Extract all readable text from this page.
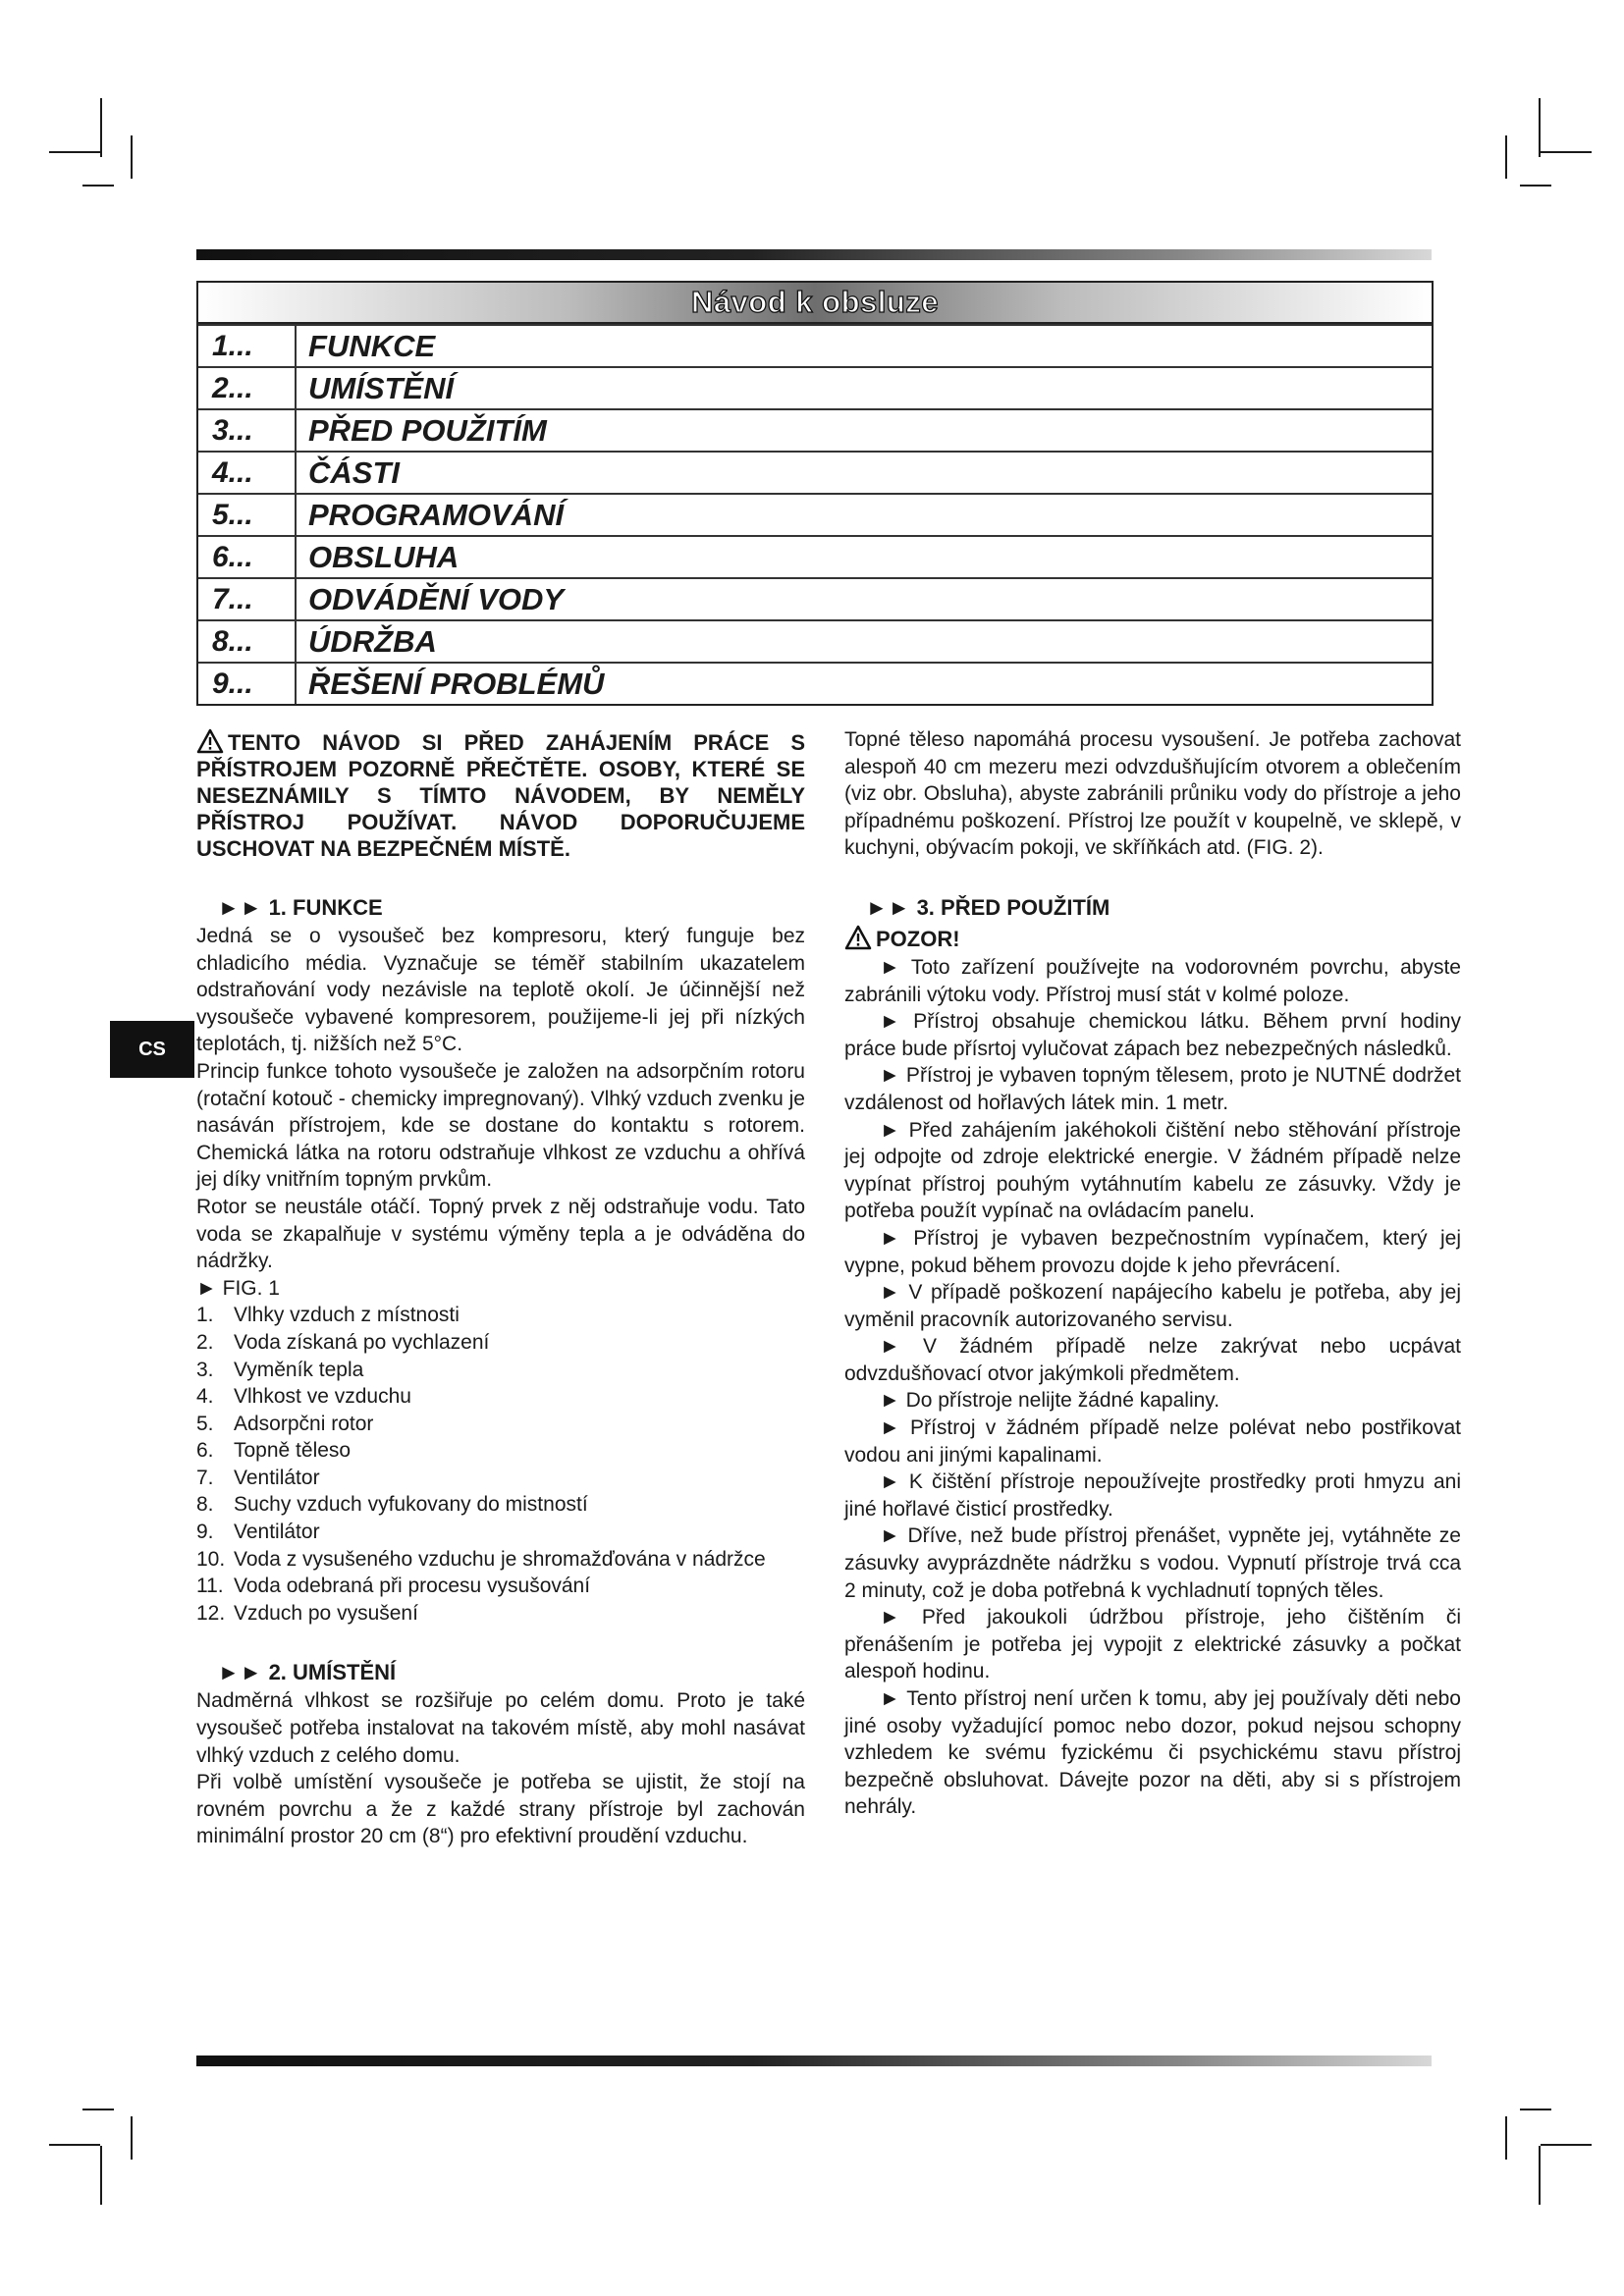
CS
Návod k obsluze
1...	FUNKCE
2...	UMÍSTĚNÍ
3...	PŘED POUŽITÍM
4...	ČÁSTI
5...	PROGRAMOVÁNÍ
6...	OBSLUHA
7...	ODVÁDĚNÍ VODY
8...	ÚDRŽBA
9...	ŘEŠENÍ PROBLÉMŮ

TENTO NÁVOD SI PŘED ZAHÁJENÍM PRÁCE S PŘÍSTROJEM POZORNĚ PŘEČTĚTE. OSOBY, KTERÉ SE NESEZNÁMILY S TÍMTO NÁVODEM, BY NEMĚLY PŘÍSTROJ POUŽÍVAT. NÁVOD DOPORUČUJEME USCHOVAT NA BEZPEČNÉM MÍSTĚ.

►► 1. FUNKCE

Jedná se o vysoušeč bez kompresoru, který funguje bez chladicího média. Vyznačuje se téměř stabilním ukazatelem odstraňování vody nezávisle na teplotě okolí. Je účinnější než vysoušeče vybavené kompresorem, použijeme-li jej při nízkých teplotách, tj. nižších než 5°C.

Princip funkce tohoto vysoušeče je založen na adsorpčním rotoru (rotační kotouč - chemicky impregnovaný). Vlhký vzduch zvenku je nasáván přístrojem, kde se dostane do kontaktu s rotorem. Chemická látka na rotoru odstraňuje vlhkost ze vzduchu a ohřívá jej díky vnitřním topným prvkům.

Rotor se neustále otáčí. Topný prvek z něj odstraňuje vodu. Tato voda se zkapalňuje v systému výměny tepla a je odváděna do nádržky.

► FIG. 1

1. Vlhky vzduch z místnosti
2. Voda získaná po vychlazení
3. Vyměník tepla
4. Vlhkost ve vzduchu
5. Adsorpčni rotor
6. Topně těleso
7. Ventilátor
8. Suchy vzduch vyfukovany do mistností
9. Ventilátor
10. Voda z vysušeného vzduchu je shromažďována v nádržce
11. Voda odebraná při procesu vysušování
12. Vzduch po vysušení
►► 2. UMÍSTĚNÍ

Nadměrná vlhkost se rozšiřuje po celém domu. Proto je také vysoušeč potřeba instalovat na takovém místě, aby mohl nasávat vlhký vzduch z celého domu.

Při volbě umístění vysoušeče je potřeba se ujistit, že stojí na rovném povrchu a že z každé strany přístroje byl zachován minimální prostor 20 cm (8“) pro efektivní proudění vzduchu.

Topné těleso napomáhá procesu vysoušení. Je potřeba zachovat alespoň 40 cm mezeru mezi odvzdušňujícím otvorem a oblečením (viz obr. Obsluha), abyste zabránili průniku vody do přístroje a jeho případnému poškození. Přístroj lze použít v koupelně, ve sklepě, v kuchyni, obývacím pokoji, ve skříňkách atd. (FIG. 2).

►► 3. PŘED POUŽITÍM
POZOR!

► Toto zařízení používejte na vodorovném povrchu, abyste zabránili výtoku vody. Přístroj musí stát v kolmé poloze.

► Přístroj obsahuje chemickou látku. Během první hodiny práce bude přísrtoj vylučovat zápach bez nebezpečných následků.

► Přístroj je vybaven topným tělesem, proto je NUTNÉ dodržet vzdálenost od hořlavých látek min. 1 metr.

► Před zahájením jakéhokoli čištění nebo stěhování přístroje jej odpojte od zdroje elektrické energie. V žádném případě nelze vypínat přístroj pouhým vytáhnutím kabelu ze zásuvky. Vždy je potřeba použít vypínač na ovládacím panelu.

► Přístroj je vybaven bezpečnostním vypínačem, který jej vypne, pokud během provozu dojde k jeho převrácení.

► V případě poškození napájecího kabelu je potřeba, aby jej vyměnil pracovník autorizovaného servisu.

► V žádném případě nelze zakrývat nebo ucpávat odvzdušňovací otvor jakýmkoli předmětem.

► Do přístroje nelijte žádné kapaliny.

► Přístroj v žádném případě nelze polévat nebo postřikovat vodou ani jinými kapalinami.

► K čištění přístroje nepoužívejte prostředky proti hmyzu ani jiné hořlavé čisticí prostředky.

► Dříve, než bude přístroj přenášet, vypněte jej, vytáhněte ze zásuvky avyprázdněte nádržku s vodou. Vypnutí přístroje trvá cca 2 minuty, což je doba potřebná k vychladnutí topných těles.

► Před jakoukoli údržbou přístroje, jeho čištěním či přenášením je potřeba jej vypojit z elektrické zásuvky a počkat alespoň hodinu.

► Tento přístroj není určen k tomu, aby jej používaly děti nebo jiné osoby vyžadující pomoc nebo dozor, pokud nejsou schopny vzhledem ke svému fyzickému či psychickému stavu přístroj bezpečně obsluhovat. Dávejte pozor na děti, aby si s přístrojem nehrály.
